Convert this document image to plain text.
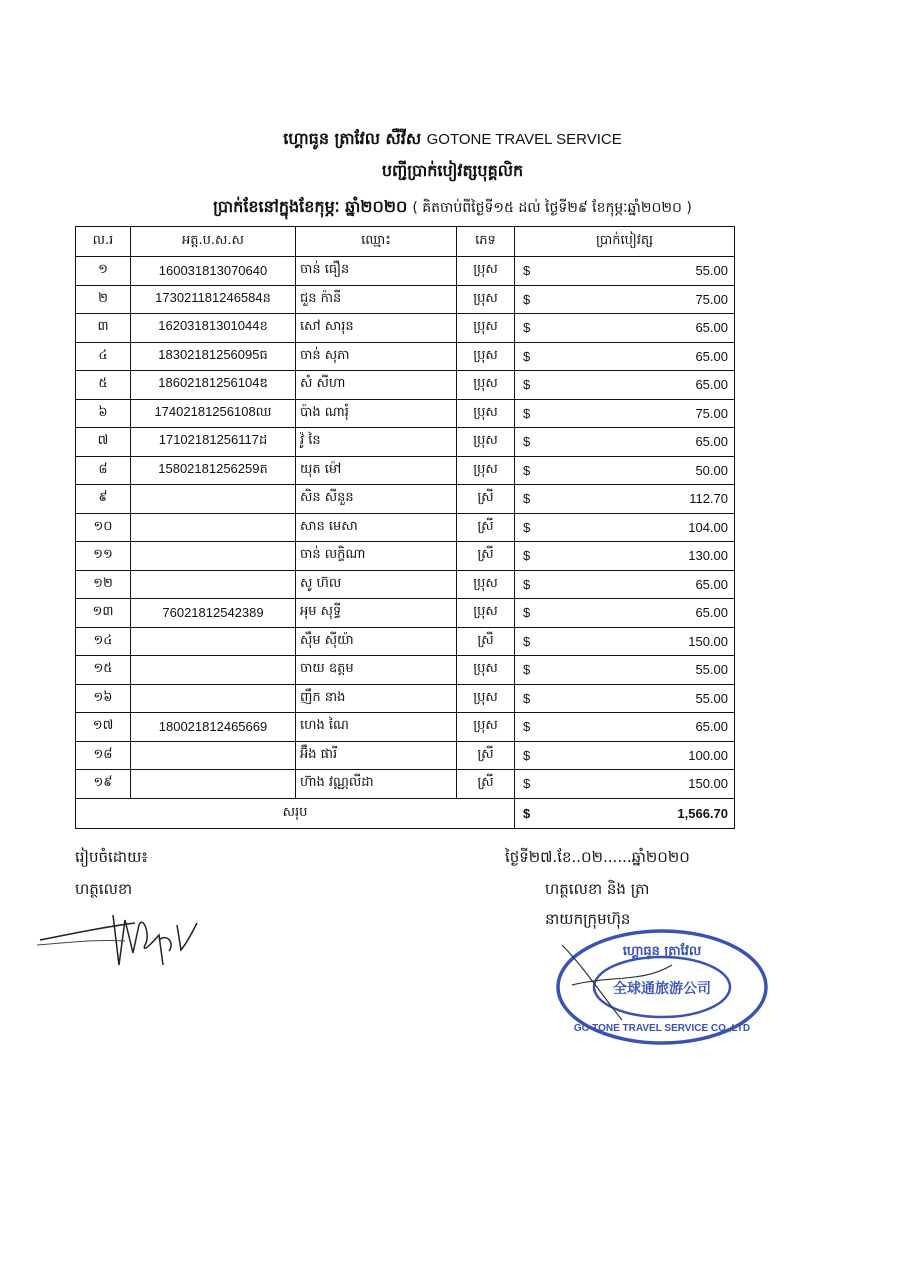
ហ្គោធូន ត្រាវែល សឺវីស GOTONE TRAVEL SERVICE
បញ្ជីប្រាក់បៀវត្សបុគ្គលិក
ប្រាក់ខែនៅក្នុងខែកុម្ភៈ ឆ្នាំ២០២០ ( គិតចាប់ពីថ្ងៃទី១៥ ដល់ ថ្ងៃទី២៩ ខែកុម្ភៈឆ្នាំ២០២០ )
ល.រ	អត្ត.ប.ស.ស	ឈ្មោះ	ភេទ	ប្រាក់បៀវត្ស
១	160031813070640	ចាន់ ធឿន	ប្រុស	$ 55.00

២	173021181246584ន	ជួន ក៉ានី	ប្រុស	$ 75.00

៣	16203181301044ខ	សៅ សារុន	ប្រុស	$ 65.00

៤	18302181256095ធ	ចាន់ សុភា	ប្រុស	$ 65.00

៥	18602181256104ឌ	សំ សីហា	ប្រុស	$ 65.00

៦	17402181256108ឈ	ប៉ាង ណារុំ	ប្រុស	$ 75.00

៧	17102181256117ដ	វ៉ូ នៃ	ប្រុស	$ 65.00

៨	15802181256259ត	យុត ម៉ៅ	ប្រុស	$ 50.00

៩		សិន សីនួន	ស្រី	$ 112.70

១០		សាន មេសា	ស្រី	$ 104.00

១១		ចាន់ លក្ខិណា	ស្រី	$ 130.00

១២		សូ ហ៊ល	ប្រុស	$ 65.00

១៣	76021812542389	អុម សុទ្ធី	ប្រុស	$ 65.00

១៤		ស៊ឹម ស៊ីយ៉ា	ស្រី	$ 150.00

១៥		ចាយ ឧត្តម	ប្រុស	$ 55.00

១៦		ញឹក នាង	ប្រុស	$ 55.00

១៧	180021812465669	ហេង ណៃ	ប្រុស	$ 65.00

១៨		អ៊ឹង ផារី	ស្រី	$ 100.00

១៩		ហ៊ាង វណ្ណលីដា	ស្រី	$ 150.00

សរុប				$ 1,566.70
រៀបចំដោយ៖
ហត្ថលេខា
ថ្ងៃទី២៧.ខែ..០២......ឆ្នាំ២០២០
ហត្ថលេខា និង ត្រា
នាយកក្រុមហ៊ុន
ហ្គោធូន ត្រាវែល
全球通旅游公司
GO TONE TRAVEL SERVICE CO.,LTD
